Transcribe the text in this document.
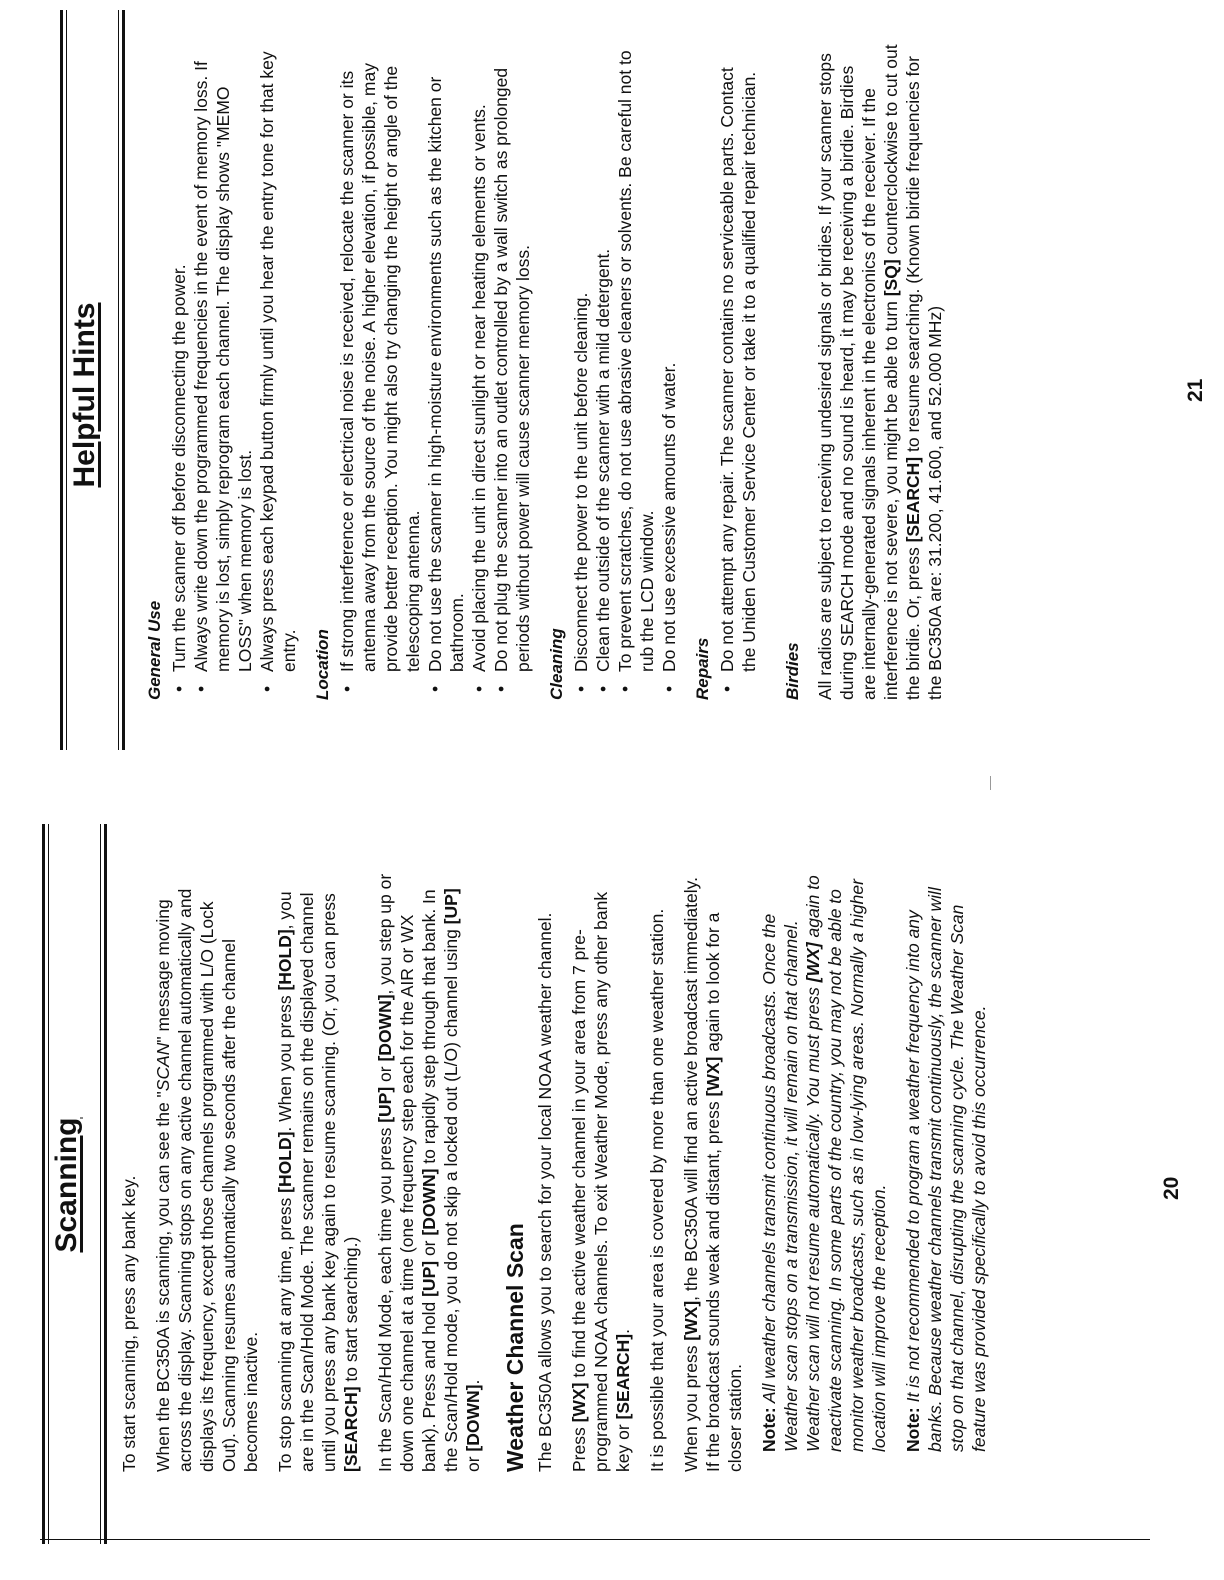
Scanning To start scanning, press any bank key. When the BC350A is scanning, you can see the "SCAN" message moving across the display. Scanning stops on any active channel automatically and displays its frequency, except those channels programmed with L/O (Lock Out). Scanning resumes automatically two seconds after the channel becomes inactive. To stop scanning at any time, press [HOLD]. When you press [HOLD], you are in the Scan/Hold Mode. The scanner remains on the displayed channel until you press any bank key again to resume scanning. (Or, you can press [SEARCH] to start searching.) In the Scan/Hold Mode, each time you press [UP] or [DOWN], you step up or down one channel at a time (one frequency step each for the AIR or WX bank). Press and hold [UP] or [DOWN] to rapidly step through that bank. In the Scan/Hold mode, you do not skip a locked out (L/O) channel using [UP] or [DOWN]. Weather Channel Scan The BC350A allows you to search for your local NOAA weather channel. Press [WX] to find the active weather channel in your area from 7 pre-programmed NOAA channels. To exit Weather Mode, press any other bank key or [SEARCH]. It is possible that your area is covered by more than one weather station. When you press [WX], the BC350A will find an active broadcast immediately. If the broadcast sounds weak and distant, press [WX] again to look for a closer station. Note: All weather channels transmit continuous broadcasts. Once the Weather scan stops on a transmission, it will remain on that channel. Weather scan will not resume automatically. You must press [WX] again to reactivate scanning. In some parts of the country, you may not be able to monitor weather broadcasts, such as in low-lying areas. Normally a higher location will improve the reception. Note: It is not recommended to program a weather frequency into any banks. Because weather channels transmit continuously, the scanner will stop on that channel, disrupting the scanning cycle. The Weather Scan feature was provided specifically to avoid this occurrence.	20
Helpful Hints
General Use • Turn the scanner off before disconnecting the power. • Always write down the programmed frequencies in the event of memory loss. If memory is lost, simply reprogram each channel. The display shows "MEMO LOSS" when memory is lost. • Always press each keypad button firmly until you hear the entry tone for that key entry. Location • If strong interference or electrical noise is received, relocate the scanner or its antenna away from the source of the noise. A higher elevation, if possible, may provide better reception. You might also try changing the height or angle of the telescoping antenna. • Do not use the scanner in high-moisture environments such as the kitchen or bathroom. • Avoid placing the unit in direct sunlight or near heating elements or vents. • Do not plug the scanner into an outlet controlled by a wall switch as prolonged periods without power will cause scanner memory loss. Cleaning • Disconnect the power to the unit before cleaning. • Clean the outside of the scanner with a mild detergent. • To prevent scratches, do not use abrasive cleaners or solvents. Be careful not to rub the LCD window. • Do not use excessive amounts of water. Repairs • Do not attempt any repair. The scanner contains no serviceable parts. Contact the Uniden Customer Service Center or take it to a qualified repair technician. Birdies All radios are subject to receiving undesired signals or birdies. If your scanner stops during SEARCH mode and no sound is heard, it may be receiving a birdie. Birdies are internally-generated signals inherent in the electronics of the receiver. If the interference is not severe, you might be able to turn [SQ] counterclockwise to cut out the birdie. Or, press [SEARCH] to resume searching. (Known birdie frequencies for the BC350A are: 31.200, 41.600, and 52.000 MHz)	21
